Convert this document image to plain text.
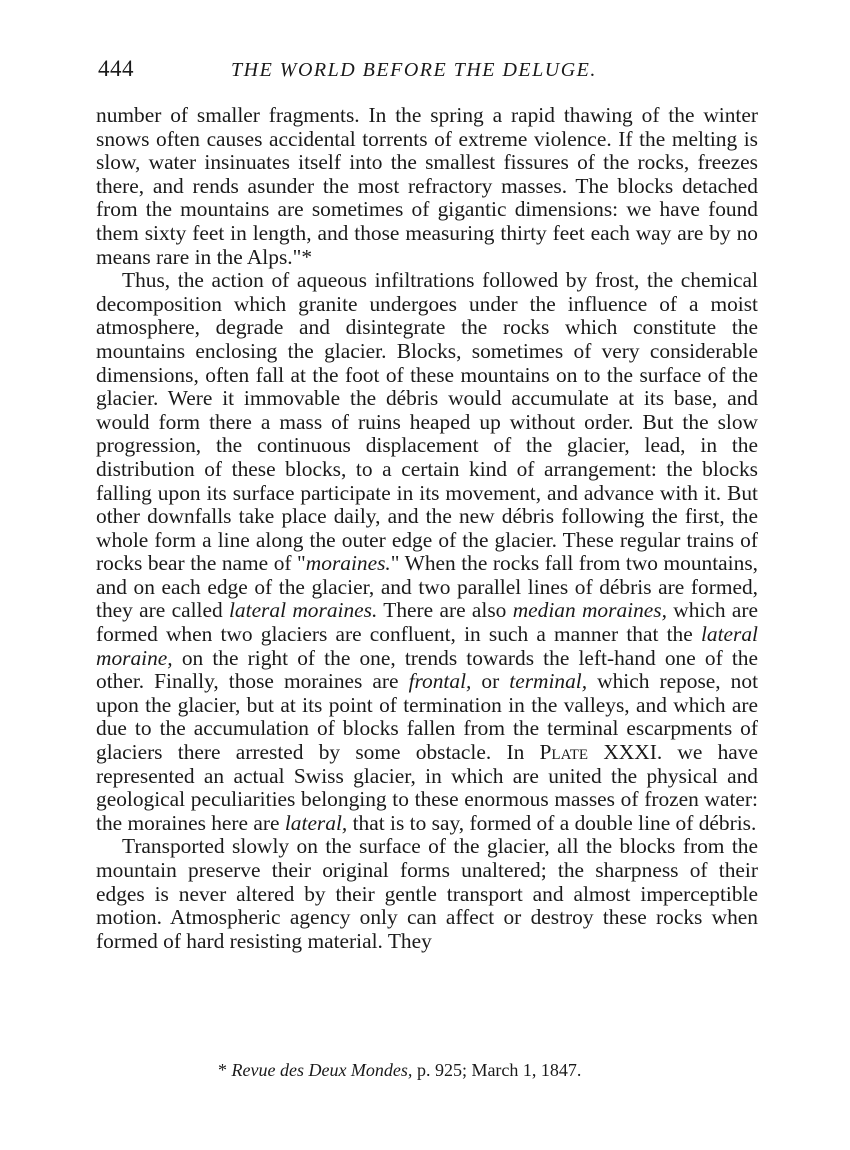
444	THE WORLD BEFORE THE DELUGE.

number of smaller fragments. In the spring a rapid thawing of the winter snows often causes accidental torrents of extreme violence. If the melting is slow, water insinuates itself into the smallest fissures of the rocks, freezes there, and rends asunder the most refractory masses. The blocks detached from the mountains are sometimes of gigantic dimensions: we have found them sixty feet in length, and those measuring thirty feet each way are by no means rare in the Alps."*

Thus, the action of aqueous infiltrations followed by frost, the chemical decomposition which granite undergoes under the influence of a moist atmosphere, degrade and disintegrate the rocks which constitute the mountains enclosing the glacier. Blocks, sometimes of very considerable dimensions, often fall at the foot of these mountains on to the surface of the glacier. Were it immovable the débris would accumulate at its base, and would form there a mass of ruins heaped up without order. But the slow progression, the continuous displacement of the glacier, lead, in the distribution of these blocks, to a certain kind of arrangement: the blocks falling upon its surface participate in its movement, and advance with it. But other downfalls take place daily, and the new débris following the first, the whole form a line along the outer edge of the glacier. These regular trains of rocks bear the name of "moraines." When the rocks fall from two mountains, and on each edge of the glacier, and two parallel lines of débris are formed, they are called lateral moraines. There are also median moraines, which are formed when two glaciers are confluent, in such a manner that the lateral moraine, on the right of the one, trends towards the left-hand one of the other. Finally, those moraines are frontal, or terminal, which repose, not upon the glacier, but at its point of termination in the valleys, and which are due to the accumulation of blocks fallen from the terminal escarpments of glaciers there arrested by some obstacle. In Plate XXXI. we have represented an actual Swiss glacier, in which are united the physical and geological peculiarities belonging to these enormous masses of frozen water: the moraines here are lateral, that is to say, formed of a double line of débris.

Transported slowly on the surface of the glacier, all the blocks from the mountain preserve their original forms unaltered; the sharpness of their edges is never altered by their gentle transport and almost imperceptible motion. Atmospheric agency only can affect or destroy these rocks when formed of hard resisting material. They

* Revue des Deux Mondes, p. 925; March 1, 1847.
